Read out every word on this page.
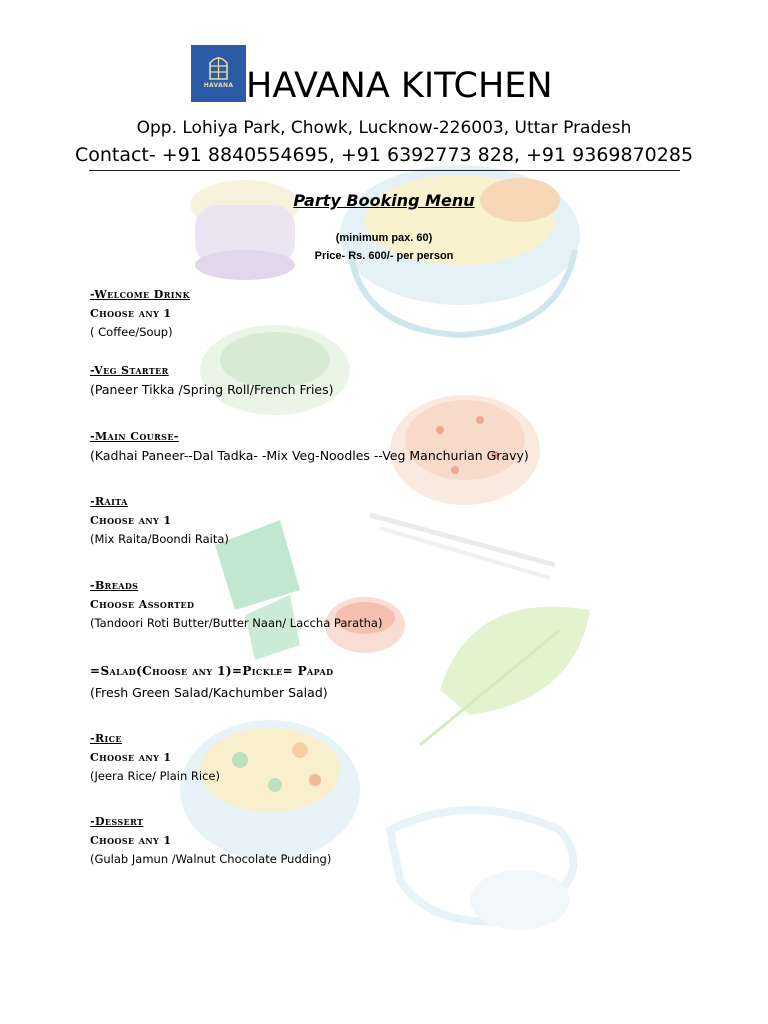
HAVANA HAVANA KITCHEN
Opp. Lohiya Park, Chowk, Lucknow-226003, Uttar Pradesh
Contact- +91 8840554695, +91 6392773 828, +91 9369870285
Party Booking Menu
(minimum pax. 60)
Price- Rs. 600/- per person
-Welcome Drink
Choose any 1
( Coffee/Soup)
-Veg Starter
(Paneer Tikka /Spring Roll/French Fries)
-Main Course-
(Kadhai Paneer--Dal Tadka- -Mix Veg-Noodles --Veg Manchurian Gravy)
-Raita
Choose any 1
(Mix Raita/Boondi Raita)
-Breads
Choose Assorted
(Tandoori Roti Butter/Butter Naan/ Laccha Paratha)
=Salad(Choose any 1)=Pickle= Papad
(Fresh Green Salad/Kachumber Salad)
-Rice
Choose any 1
(Jeera Rice/ Plain Rice)
-Dessert
Choose any 1
(Gulab Jamun /Walnut Chocolate Pudding)
